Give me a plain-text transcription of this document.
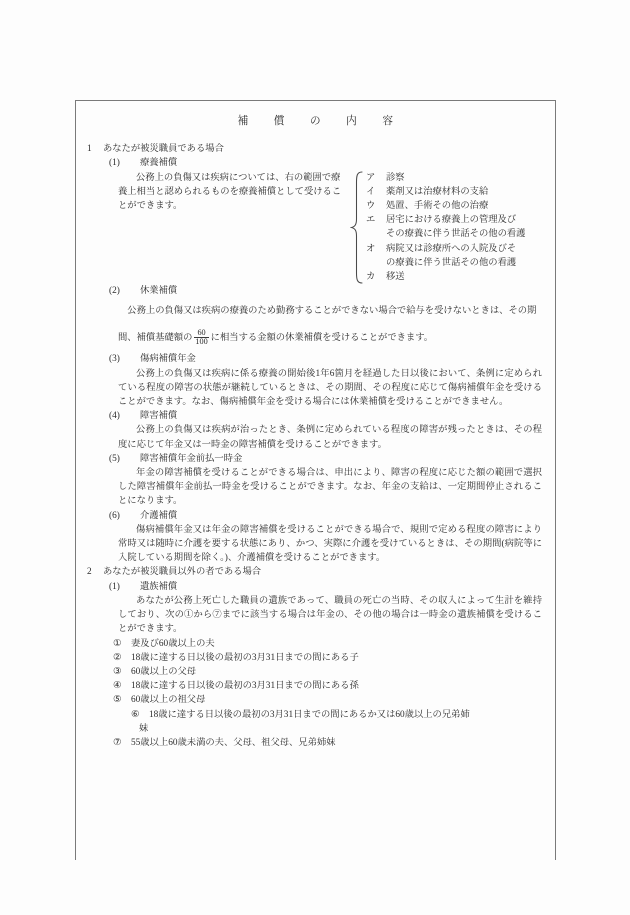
補　償　の　内　容
1 あなたが被災職員である場合
(1) 療養補償
公務上の負傷又は疾病については、右の範囲で療養上相当と認められるものを療養補償として受けることができます。
ア 診察
イ 薬剤又は治療材料の支給
ウ 処置、手術その他の治療
エ 居宅における療養上の管理及び
その療養に伴う世話その他の看護
オ 病院又は診療所への入院及びそ
の療養に伴う世話その他の看護
カ 移送
(2) 休業補償
公務上の負傷又は疾病の療養のため勤務することができない場合で給与を受けないときは、その期間、補償基礎額の $\frac{60}{100}$ に相当する金額の休業補償を受けることができます。
(3) 傷病補償年金
公務上の負傷又は疾病に係る療養の開始後1年6箇月を経過した日以後において、条例に定められている程度の障害の状態が継続しているときは、その期間、その程度に応じて傷病補償年金を受けることができます。なお、傷病補償年金を受ける場合には休業補償を受けることができません。
(4) 障害補償
公務上の負傷又は疾病が治ったとき、条例に定められている程度の障害が残ったときは、その程度に応じて年金又は一時金の障害補償を受けることができます。
(5) 障害補償年金前払一時金
年金の障害補償を受けることができる場合は、申出により、障害の程度に応じた額の範囲で選択した障害補償年金前払一時金を受けることができます。なお、年金の支給は、一定期間停止されることになります。
(6) 介護補償
傷病補償年金又は年金の障害補償を受けることができる場合で、規則で定める程度の障害により常時又は随時に介護を要する状態にあり、かつ、実際に介護を受けているときは、その期間(病院等に入院している期間を除く。)、介護補償を受けることができます。
2 あなたが被災職員以外の者である場合
(1) 遺族補償
あなたが公務上死亡した職員の遺族であって、職員の死亡の当時、その収入によって生計を維持しており、次の①から⑦までに該当する場合は年金の、その他の場合は一時金の遺族補償を受けることができます。
① 妻及び60歳以上の夫
② 18歳に達する日以後の最初の3月31日までの間にある子
③ 60歳以上の父母
④ 18歳に達する日以後の最初の3月31日までの間にある孫
⑤ 60歳以上の祖父母
⑥ 18歳に達する日以後の最初の3月31日までの間にあるか又は60歳以上の兄弟姉
妹
⑦ 55歳以上60歳未満の夫、父母、祖父母、兄弟姉妹
